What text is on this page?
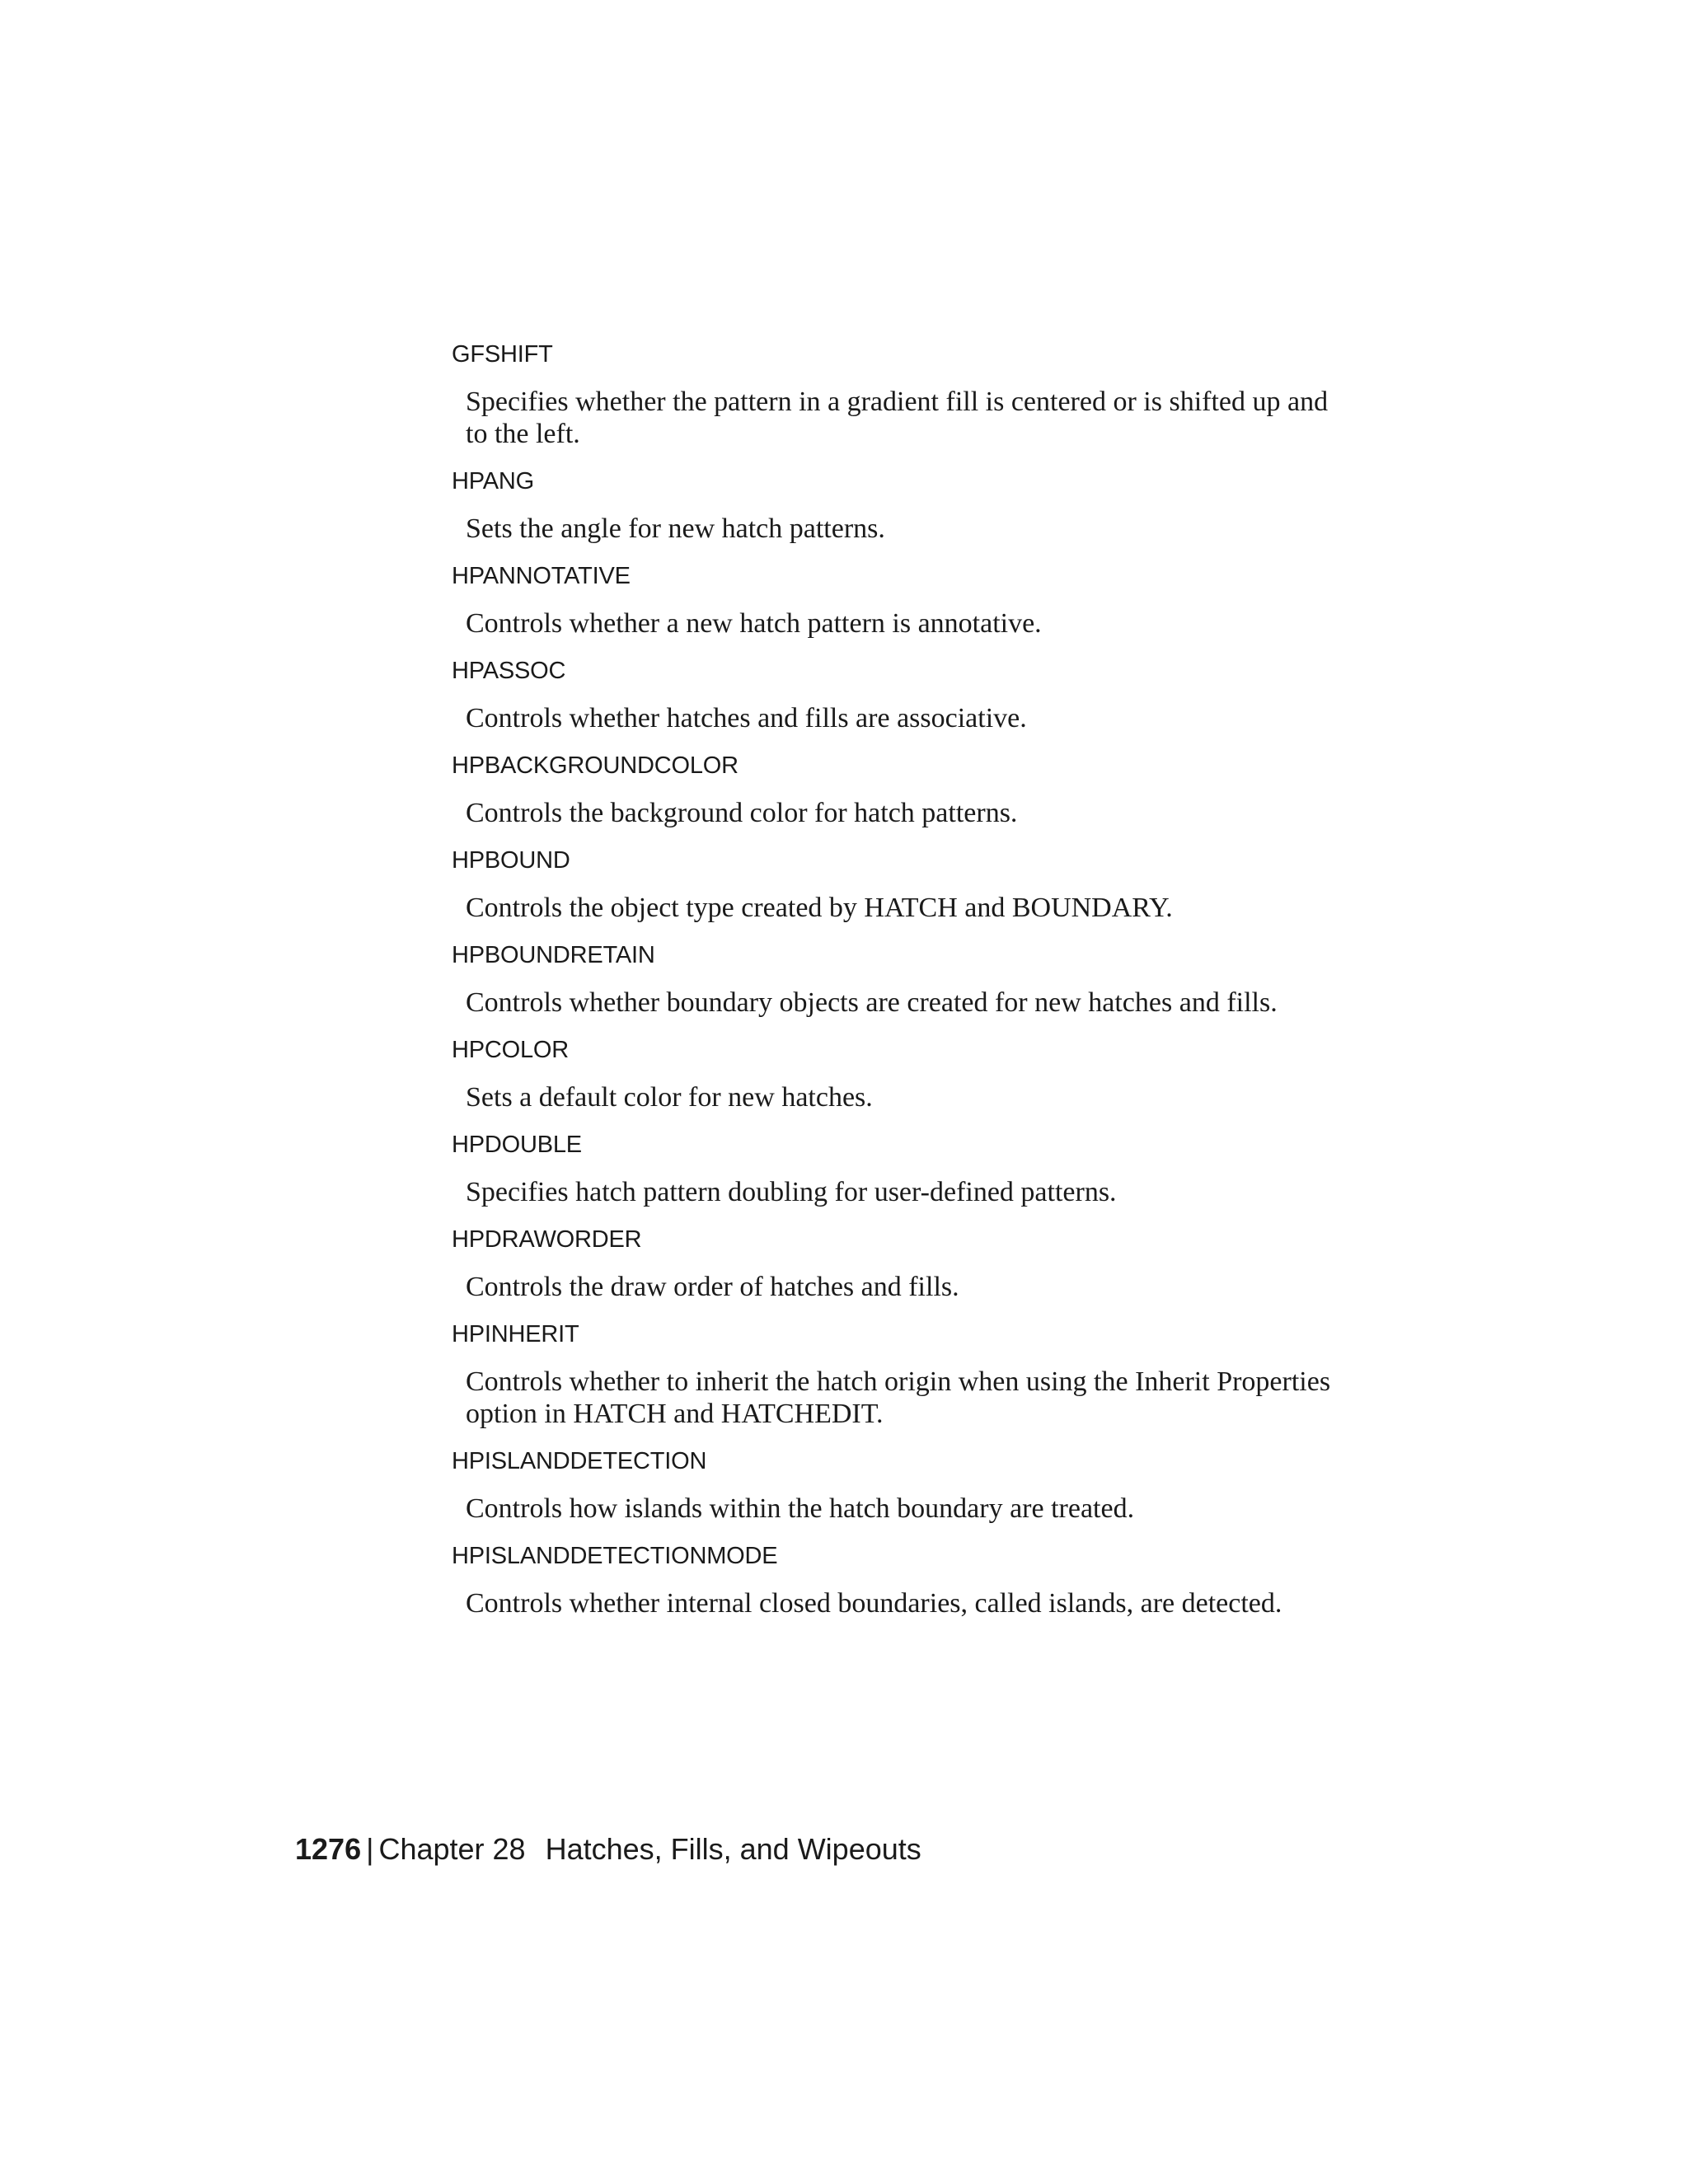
GFSHIFT
Specifies whether the pattern in a gradient fill is centered or is shifted up and to the left.
HPANG
Sets the angle for new hatch patterns.
HPANNOTATIVE
Controls whether a new hatch pattern is annotative.
HPASSOC
Controls whether hatches and fills are associative.
HPBACKGROUNDCOLOR
Controls the background color for hatch patterns.
HPBOUND
Controls the object type created by HATCH and BOUNDARY.
HPBOUNDRETAIN
Controls whether boundary objects are created for new hatches and fills.
HPCOLOR
Sets a default color for new hatches.
HPDOUBLE
Specifies hatch pattern doubling for user-defined patterns.
HPDRAWORDER
Controls the draw order of hatches and fills.
HPINHERIT
Controls whether to inherit the hatch origin when using the Inherit Properties option in HATCH and HATCHEDIT.
HPISLANDDETECTION
Controls how islands within the hatch boundary are treated.
HPISLANDDETECTIONMODE
Controls whether internal closed boundaries, called islands, are detected.
1276 | Chapter 28 Hatches, Fills, and Wipeouts
